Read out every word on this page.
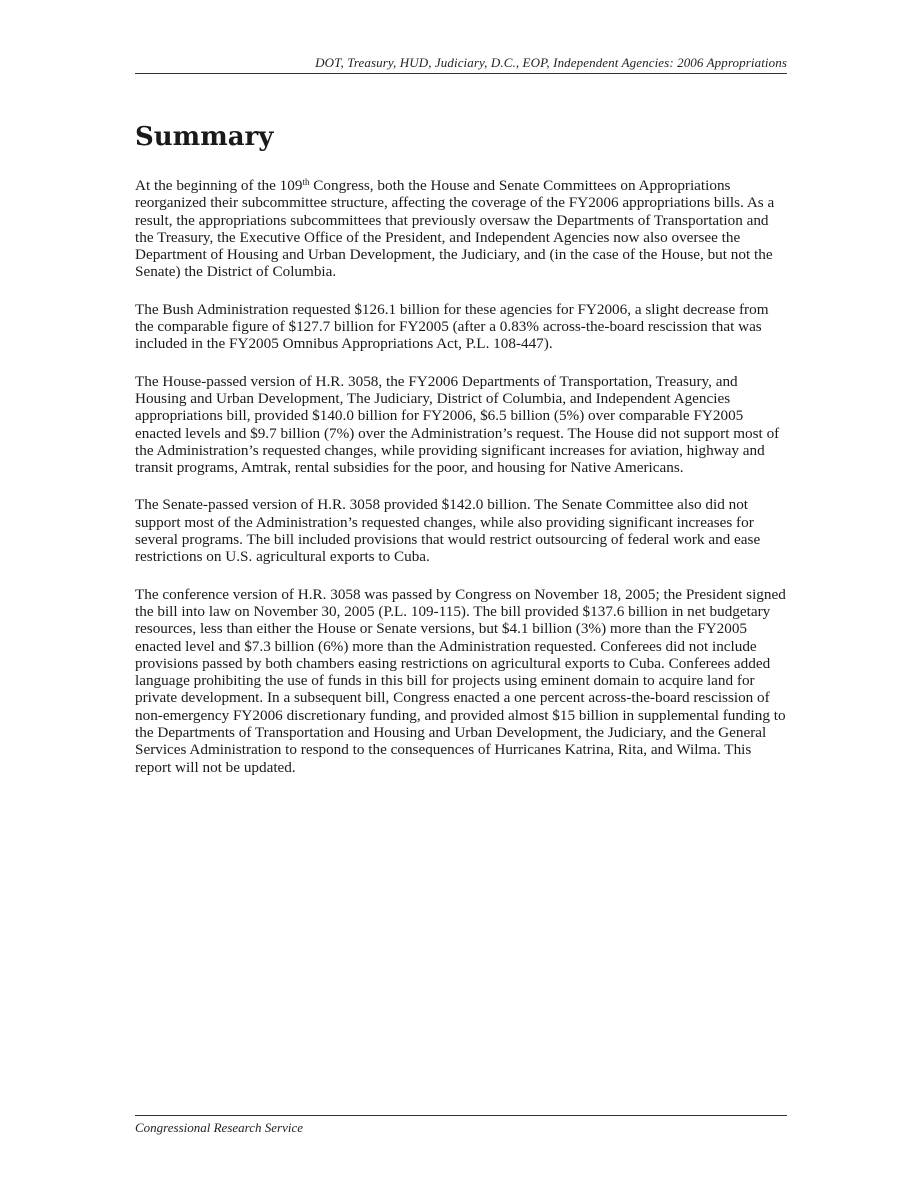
DOT, Treasury, HUD, Judiciary, D.C., EOP, Independent Agencies: 2006 Appropriations
Summary

At the beginning of the 109th Congress, both the House and Senate Committees on Appropriations reorganized their subcommittee structure, affecting the coverage of the FY2006 appropriations bills. As a result, the appropriations subcommittees that previously oversaw the Departments of Transportation and the Treasury, the Executive Office of the President, and Independent Agencies now also oversee the Department of Housing and Urban Development, the Judiciary, and (in the case of the House, but not the Senate) the District of Columbia.

The Bush Administration requested $126.1 billion for these agencies for FY2006, a slight decrease from the comparable figure of $127.7 billion for FY2005 (after a 0.83% across-the-board rescission that was included in the FY2005 Omnibus Appropriations Act, P.L. 108-447).

The House-passed version of H.R. 3058, the FY2006 Departments of Transportation, Treasury, and Housing and Urban Development, The Judiciary, District of Columbia, and Independent Agencies appropriations bill, provided $140.0 billion for FY2006, $6.5 billion (5%) over comparable FY2005 enacted levels and $9.7 billion (7%) over the Administration’s request. The House did not support most of the Administration’s requested changes, while providing significant increases for aviation, highway and transit programs, Amtrak, rental subsidies for the poor, and housing for Native Americans.

The Senate-passed version of H.R. 3058 provided $142.0 billion. The Senate Committee also did not support most of the Administration’s requested changes, while also providing significant increases for several programs. The bill included provisions that would restrict outsourcing of federal work and ease restrictions on U.S. agricultural exports to Cuba.

The conference version of H.R. 3058 was passed by Congress on November 18, 2005; the President signed the bill into law on November 30, 2005 (P.L. 109-115). The bill provided $137.6 billion in net budgetary resources, less than either the House or Senate versions, but $4.1 billion (3%) more than the FY2005 enacted level and $7.3 billion (6%) more than the Administration requested. Conferees did not include provisions passed by both chambers easing restrictions on agricultural exports to Cuba. Conferees added language prohibiting the use of funds in this bill for projects using eminent domain to acquire land for private development. In a subsequent bill, Congress enacted a one percent across-the-board rescission of non-emergency FY2006 discretionary funding, and provided almost $15 billion in supplemental funding to the Departments of Transportation and Housing and Urban Development, the Judiciary, and the General Services Administration to respond to the consequences of Hurricanes Katrina, Rita, and Wilma. This report will not be updated.

Congressional Research Service
